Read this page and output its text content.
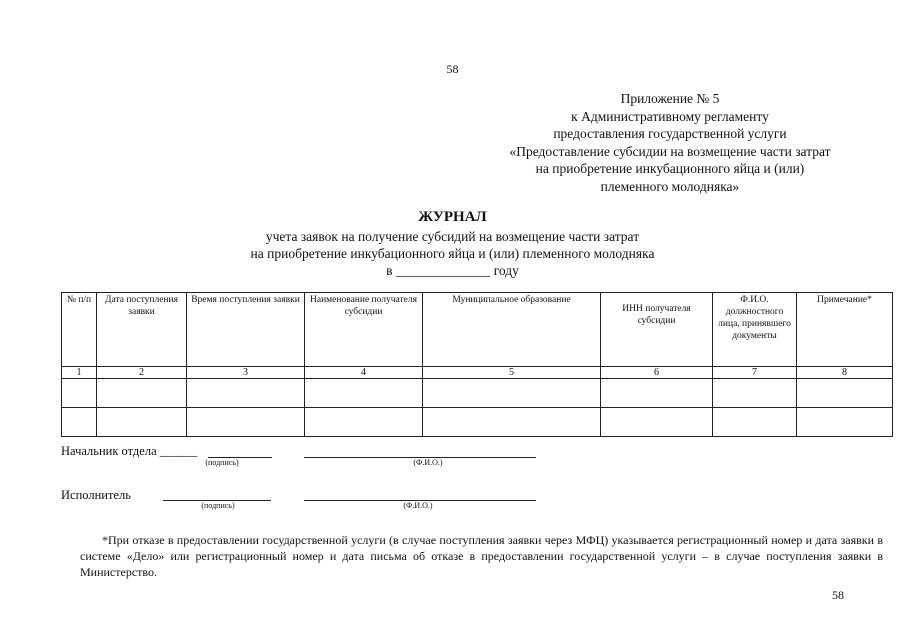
58
Приложение № 5
к Административному регламенту
предоставления государственной услуги
«Предоставление субсидии на возмещение части затрат
на приобретение инкубационного яйца и (или)
племенного молодняка»
ЖУРНАЛ
учета заявок на получение субсидий на возмещение части затрат
на приобретение инкубационного яйца и (или) племенного молодняка
в ______________ году
№ п/п	Дата поступления заявки	Время поступления заявки	Наименование получателя субсидии	Муниципальное образование	ИНН получателя субсидии	Ф.И.О. должностного лица, принявшего документы	Примечание*
1	2	3	4	5	6	7	8

Начальник отдела ______
(подпись)	(Ф.И.О.)
Исполнитель
(подпись)	(Ф.И.О.)
*При отказе в предоставлении государственной услуги (в случае поступления заявки через МФЦ) указывается регистрационный номер и дата заявки в системе «Дело» или регистрационный номер и дата письма об отказе в предоставлении государственной услуги – в случае поступления заявки в Министерство.
58
